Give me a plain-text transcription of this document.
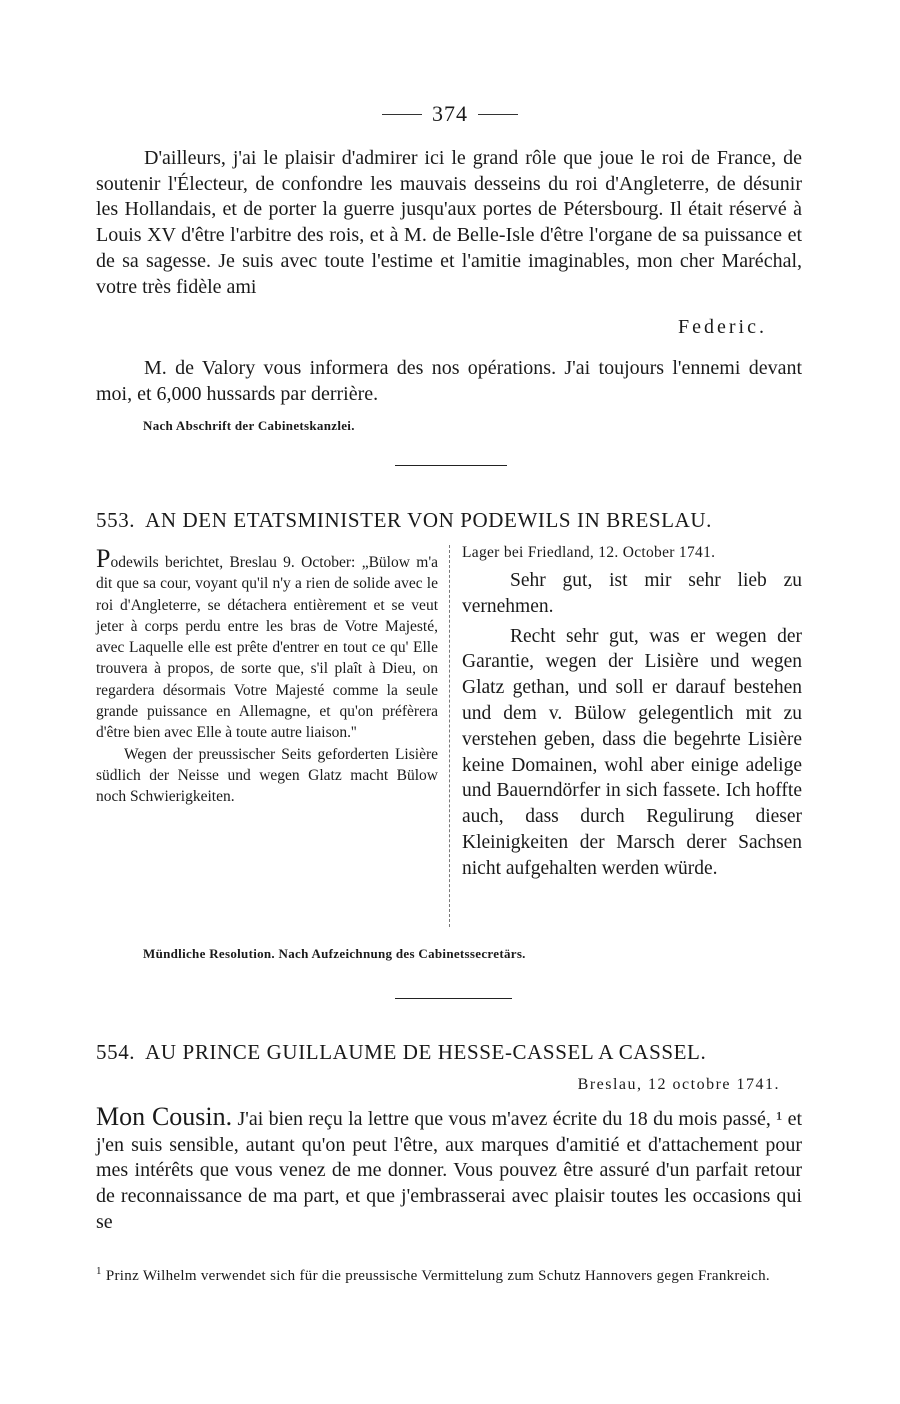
374
D'ailleurs, j'ai le plaisir d'admirer ici le grand rôle que joue le roi de France, de soutenir l'Électeur, de confondre les mauvais desseins du roi d'Angleterre, de désunir les Hollandais, et de porter la guerre jusqu'aux portes de Pétersbourg. Il était réservé à Louis XV d'être l'arbitre des rois, et à M. de Belle-Isle d'être l'organe de sa puissance et de sa sagesse. Je suis avec toute l'estime et l'amitie imaginables, mon cher Maréchal, votre très fidèle ami
Federic.
M. de Valory vous informera des nos opérations. J'ai toujours l'ennemi devant moi, et 6,000 hussards par derrière.
Nach Abschrift der Cabinetskanzlei.
553. AN DEN ETATSMINISTER VON PODEWILS IN BRESLAU.

Podewils berichtet, Breslau 9. October: „Bülow m'a dit que sa cour, voyant qu'il n'y a rien de solide avec le roi d'Angleterre, se détachera entièrement et se veut jeter à corps perdu entre les bras de Votre Majesté, avec Laquelle elle est prête d'entrer en tout ce qu' Elle trouvera à propos, de sorte que, s'il plaît à Dieu, on regardera désormais Votre Majesté comme la seule grande puissance en Allemagne, et qu'on préfèrera d'être bien avec Elle à toute autre liaison.''

Wegen der preussischer Seits geforderten Lisière südlich der Neisse und wegen Glatz macht Bülow noch Schwierigkeiten.

Lager bei Friedland, 12. October 1741.

Sehr gut, ist mir sehr lieb zu vernehmen.

Recht sehr gut, was er wegen der Garantie, wegen der Lisière und wegen Glatz gethan, und soll er darauf bestehen und dem v. Bülow gelegentlich mit zu verstehen geben, dass die begehrte Lisière keine Domainen, wohl aber einige adelige und Bauerndörfer in sich fassete. Ich hoffte auch, dass durch Regulirung dieser Kleinigkeiten der Marsch derer Sachsen nicht aufgehalten werden würde.

Mündliche Resolution. Nach Aufzeichnung des Cabinetssecretärs.
554. AU PRINCE GUILLAUME DE HESSE-CASSEL A CASSEL.
Breslau, 12 octobre 1741.
Mon Cousin. J'ai bien reçu la lettre que vous m'avez écrite du 18 du mois passé, ¹ et j'en suis sensible, autant qu'on peut l'être, aux marques d'amitié et d'attachement pour mes intérêts que vous venez de me donner. Vous pouvez être assuré d'un parfait retour de reconnaissance de ma part, et que j'embrasserai avec plaisir toutes les occasions qui se
$^1$ Prinz Wilhelm verwendet sich für die preussische Vermittelung zum Schutz Hannovers gegen Frankreich.
